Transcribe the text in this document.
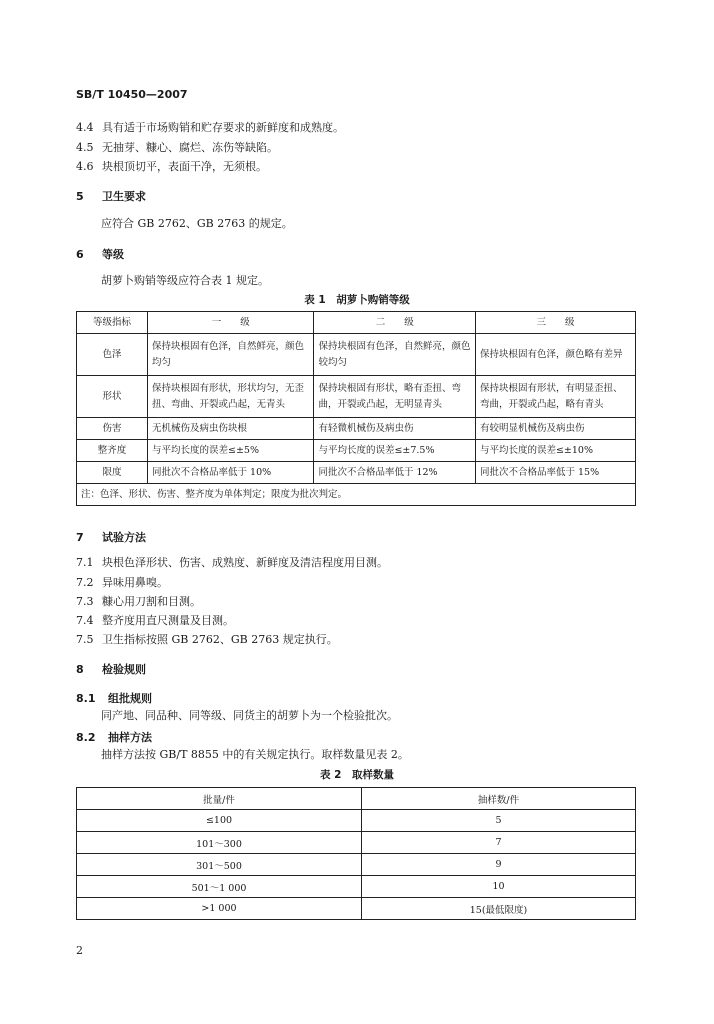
SB/T 10450—2007
4.4 具有适于市场购销和贮存要求的新鲜度和成熟度。
4.5 无抽芽、糠心、腐烂、冻伤等缺陷。
4.6 块根顶切平，表面干净，无须根。
5 卫生要求
应符合 GB 2762、GB 2763 的规定。
6 等级
胡萝卜购销等级应符合表 1 规定。
表 1　胡萝卜购销等级
等级指标	一　　级	二　　级	三　　级
色泽	保持块根固有色泽，自然鲜亮，颜色均匀	保持块根固有色泽，自然鲜亮，颜色较均匀	保持块根固有色泽，颜色略有差异
形状	保持块根固有形状，形状均匀，无歪扭、弯曲、开裂或凸起，无青头	保持块根固有形状，略有歪扭、弯曲，开裂或凸起，无明显青头	保持块根固有形状，有明显歪扭、弯曲，开裂或凸起，略有青头
伤害	无机械伤及病虫伤块根	有轻微机械伤及病虫伤	有较明显机械伤及病虫伤
整齐度	与平均长度的误差≤±5%	与平均长度的误差≤±7.5%	与平均长度的误差≤±10%
限度	同批次不合格品率低于 10%	同批次不合格品率低于 12%	同批次不合格品率低于 15%
注：色泽、形状、伤害、整齐度为单体判定；限度为批次判定。			
7 试验方法
7.1 块根色泽形状、伤害、成熟度、新鲜度及清洁程度用目测。
7.2 异味用鼻嗅。
7.3 糠心用刀割和目测。
7.4 整齐度用直尺测量及目测。
7.5 卫生指标按照 GB 2762、GB 2763 规定执行。
8 检验规则
8.1 组批规则
同产地、同品种、同等级、同货主的胡萝卜为一个检验批次。
8.2 抽样方法
抽样方法按 GB/T 8855 中的有关规定执行。取样数量见表 2。
表 2　取样数量
批量/件	抽样数/件
≤100	5
101～300	7
301～500	9
501～1 000	10
>1 000	15(最低限度)
2
